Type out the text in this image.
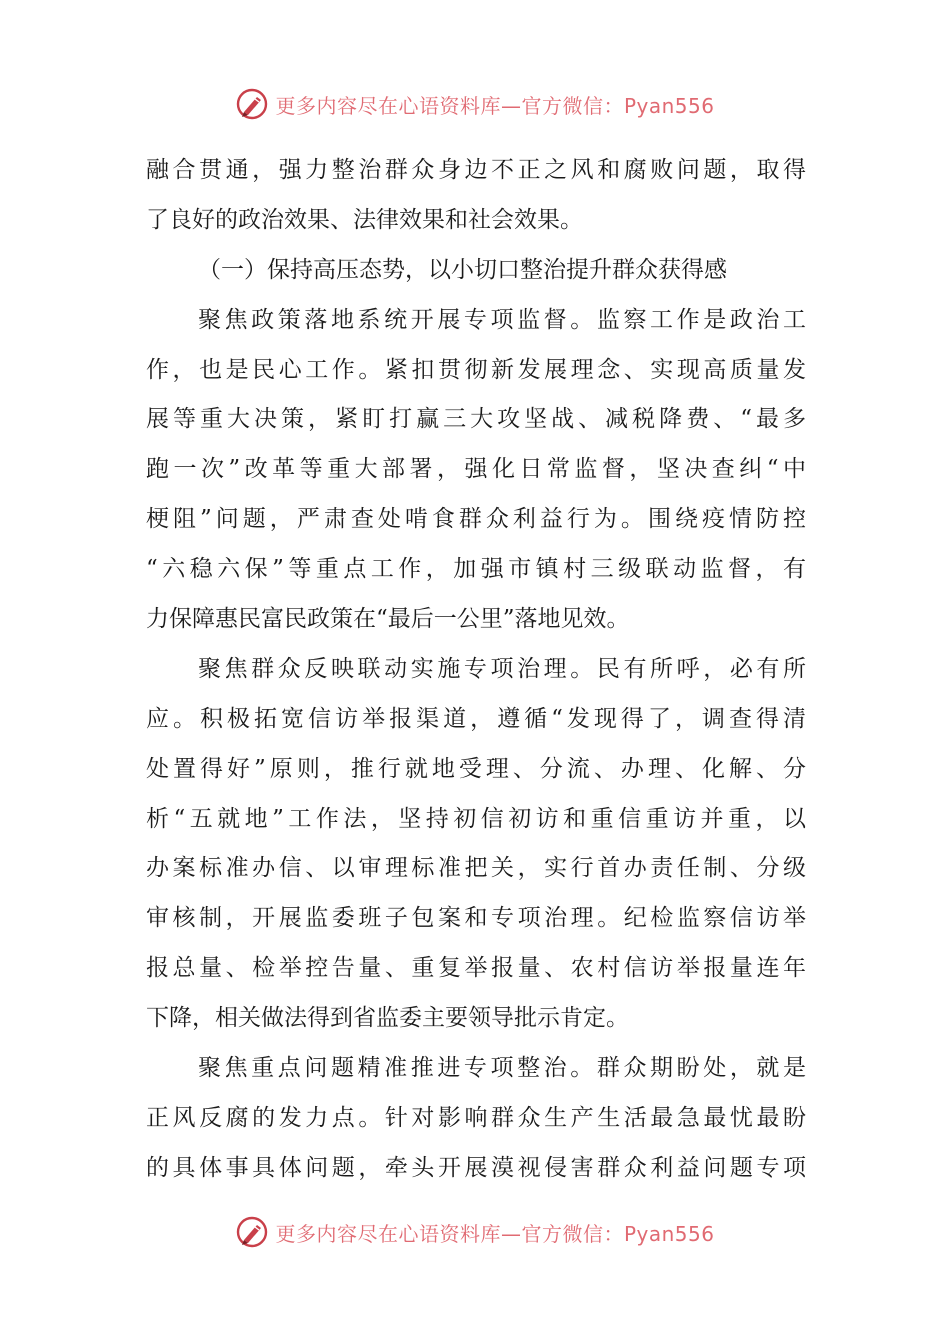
更多内容尽在心语资料库—官方微信：Pyan556
融合贯通，强力整治群众身边不正之风和腐败问题，取得
了良好的政治效果、法律效果和社会效果。
（一）保持高压态势，以小切口整治提升群众获得感
聚焦政策落地系统开展专项监督。监察工作是政治工
作，也是民心工作。紧扣贯彻新发展理念、实现高质量发
展等重大决策，紧盯打赢三大攻坚战、减税降费、“最多
跑一次”改革等重大部署，强化日常监督，坚决查纠“中
梗阻”问题，严肃查处啃食群众利益行为。围绕疫情防控
“六稳六保”等重点工作，加强市镇村三级联动监督，有
力保障惠民富民政策在“最后一公里”落地见效。
聚焦群众反映联动实施专项治理。民有所呼，必有所
应。积极拓宽信访举报渠道，遵循“发现得了，调查得清
处置得好”原则，推行就地受理、分流、办理、化解、分
析“五就地”工作法，坚持初信初访和重信重访并重，以
办案标准办信、以审理标准把关，实行首办责任制、分级
审核制，开展监委班子包案和专项治理。纪检监察信访举
报总量、检举控告量、重复举报量、农村信访举报量连年
下降，相关做法得到省监委主要领导批示肯定。
聚焦重点问题精准推进专项整治。群众期盼处，就是
正风反腐的发力点。针对影响群众生产生活最急最忧最盼
的具体事具体问题，牵头开展漠视侵害群众利益问题专项
更多内容尽在心语资料库—官方微信：Pyan556
